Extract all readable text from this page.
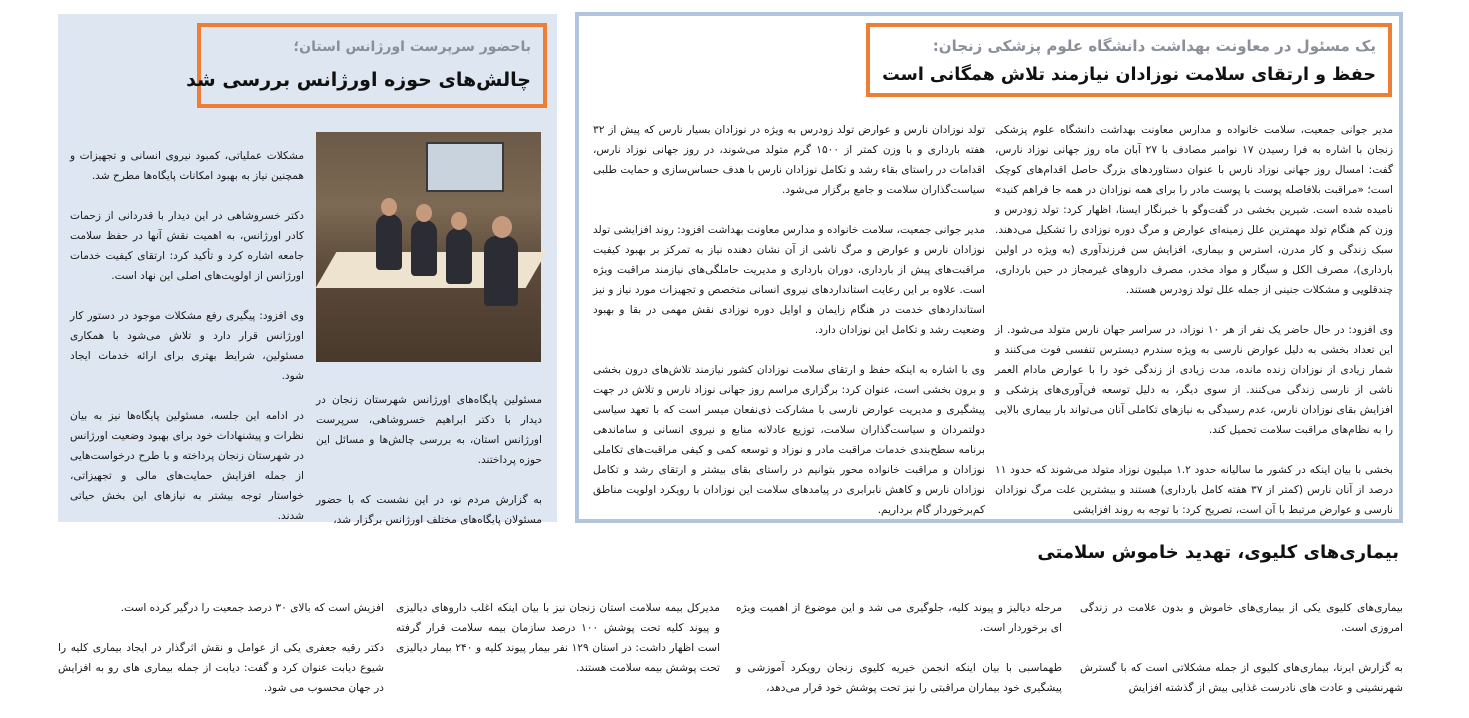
باحضور سرپرست اورژانس استان؛
چالش‌های حوزه اورژانس بررسی شد

مسئولین پایگاه‌های اورژانس شهرستان زنجان در دیدار با دکتر ابراهیم خسروشاهی، سرپرست اورژانس استان، به بررسی چالش‌ها و مسائل این حوزه پرداختند.

به گزارش مردم نو، در این نشست که با حضور مسئولان پایگاه‌های مختلف اورژانس برگزار شد،

مشکلات عملیاتی، کمبود نیروی انسانی و تجهیزات و همچنین نیاز به بهبود امکانات پایگاه‌ها مطرح شد.

دکتر خسروشاهی در این دیدار با قدردانی از زحمات کادر اورژانس، به اهمیت نقش آنها در حفظ سلامت جامعه اشاره کرد و تأکید کرد: ارتقای کیفیت خدمات اورژانس از اولویت‌های اصلی این نهاد است.

وی افزود: پیگیری رفع مشکلات موجود در دستور کار اورژانس قرار دارد و تلاش می‌شود با همکاری مسئولین، شرایط بهتری برای ارائه خدمات ایجاد شود.

در ادامه این جلسه، مسئولین پایگاه‌ها نیز به بیان نظرات و پیشنهادات خود برای بهبود وضعیت اورژانس در شهرستان زنجان پرداخته و با طرح درخواست‌هایی از جمله افزایش حمایت‌های مالی و تجهیزاتی، خواستار توجه بیشتر به نیازهای این بخش حیاتی شدند.

یک مسئول در معاونت بهداشت دانشگاه علوم پزشکی زنجان:
حفظ و ارتقای سلامت نوزادان نیازمند تلاش همگانی است

مدیر جوانی جمعیت، سلامت خانواده و مدارس معاونت بهداشت دانشگاه علوم پزشکی زنجان با اشاره به فرا رسیدن ۱۷ نوامبر مصادف با ۲۷ آبان ماه روز جهانی نوزاد نارس، گفت: امسال روز جهانی نوزاد نارس با عنوان دستاوردهای بزرگ حاصل اقدام‌های کوچک است؛ «مراقبت بلافاصله پوست با پوست مادر را برای همه نوزادان در همه جا فراهم کنید» نامیده شده است. شیرین بخشی در گفت‌وگو با خبرنگار ایسنا، اظهار کرد: تولد زودرس و وزن کم هنگام تولد مهمترین علل زمینه‌ای عوارض و مرگ دوره نوزادی را تشکیل می‌دهند. سبک زندگی و کار مدرن، استرس و بیماری، افزایش سن فرزندآوری (به ویژه در اولین بارداری)، مصرف الکل و سیگار و مواد مخدر، مصرف داروهای غیرمجاز در حین بارداری، چندقلویی و مشکلات جنینی از جمله علل تولد زودرس هستند.

وی افزود: در حال حاضر یک نفر از هر ۱۰ نوزاد، در سراسر جهان نارس متولد می‌شود. از این تعداد بخشی به دلیل عوارض نارسی به ویژه سندرم دیسترس تنفسی فوت می‌کنند و شمار زیادی از نوزادان زنده مانده، مدت زیادی از زندگی خود را با عوارض مادام العمر ناشی از نارسی زندگی می‌کنند. از سوی دیگر، به دلیل توسعه فن‌آوری‌های پزشکی و افزایش بقای نوزادان نارس، عدم رسیدگی به نیازهای تکاملی آنان می‌تواند بار بیماری بالایی را به نظام‌های مراقبت سلامت تحمیل کند.

بخشی با بیان اینکه در کشور ما سالیانه حدود ۱.۲ میلیون نوزاد متولد می‌شوند که حدود ۱۱ درصد از آنان نارس (کمتر از ۳۷ هفته کامل بارداری) هستند و بیشترین علت مرگ نوزادان نارسی و عوارض مرتبط با آن است، تصریح کرد: با توجه به روند افزایشی

تولد نوزادان نارس و عوارض تولد زودرس به ویژه در نوزادان بسیار نارس که پیش از ۳۲ هفته بارداری و با وزن کمتر از ۱۵۰۰ گرم متولد می‌شوند، در روز جهانی نوزاد نارس، اقدامات در راستای بقاء رشد و تکامل نوزادان نارس با هدف حساس‌سازی و حمایت طلبی سیاست‌گذاران سلامت و جامع برگزار می‌شود.

مدیر جوانی جمعیت، سلامت خانواده و مدارس معاونت بهداشت افزود: روند افزایشی تولد نوزادان نارس و عوارض و مرگ ناشی از آن نشان دهنده نیاز به تمرکز بر بهبود کیفیت مراقبت‌های پیش از بارداری، دوران بارداری و مدیریت حاملگی‌های نیازمند مراقبت ویژه است. علاوه بر این رعایت استانداردهای نیروی انسانی متخصص و تجهیزات مورد نیاز و نیز استانداردهای خدمت در هنگام زایمان و اوایل دوره نوزادی نقش مهمی در بقا و بهبود وضعیت رشد و تکامل این نوزادان دارد.

وی با اشاره به اینکه حفظ و ارتقای سلامت نوزادان کشور نیازمند تلاش‌های درون بخشی و برون بخشی است، عنوان کرد: برگزاری مراسم روز جهانی نوزاد نارس و تلاش در جهت پیشگیری و مدیریت عوارض نارسی با مشارکت ذی‌نفعان میسر است که با تعهد سیاسی دولتمردان و سیاست‌گذاران سلامت، توزیع عادلانه منابع و نیروی انسانی و ساماندهی برنامه سطح‌بندی خدمات مراقبت مادر و نوزاد و توسعه کمی و کیفی مراقبت‌های تکاملی نوزادان و مراقبت خانواده محور بتوانیم در راستای بقای بیشتر و ارتقای رشد و تکامل نوزادان نارس و کاهش نابرابری در پیامدهای سلامت این نوزادان با رویکرد اولویت مناطق کم‌برخوردار گام برداریم.

بیماری‌های کلیوی، تهدید خاموش سلامتی

بیماری‌های کلیوی یکی از بیماری‌های خاموش و بدون علامت در زندگی امروزی است.

به گزارش ایرنا، بیماری‌های کلیوی از جمله مشکلاتی است که با گسترش شهرنشینی و عادت های نادرست غذایی بیش از گذشته افزایش

مرحله دیالیز و پیوند کلیه، جلوگیری می شد و این موضوع از اهمیت ویژه ای برخوردار است.

طهماسبی با بیان اینکه انجمن خیریه کلیوی زنجان رویکرد آموزشی و پیشگیری خود بیماران مراقبتی را نیز تحت پوشش خود قرار می‌دهد،

مدیرکل بیمه سلامت استان زنجان نیز با بیان اینکه اغلب داروهای دیالیزی و پیوند کلیه تحت پوشش ۱۰۰ درصد سازمان بیمه سلامت قرار گرفته است اظهار داشت: در استان ۱۲۹ نفر بیمار پیوند کلیه و ۲۴۰ بیمار دیالیزی تحت پوشش بیمه سلامت هستند.

افزیش است که بالای ۳۰ درصد جمعیت را درگیر کرده است.

دکتر رقیه جعفری یکی از عوامل و نقش اثرگذار در ایجاد بیماری کلیه را شیوع دیابت عنوان کرد و گفت: دیابت از جمله بیماری های رو به افزایش در جهان محسوب می شود.
